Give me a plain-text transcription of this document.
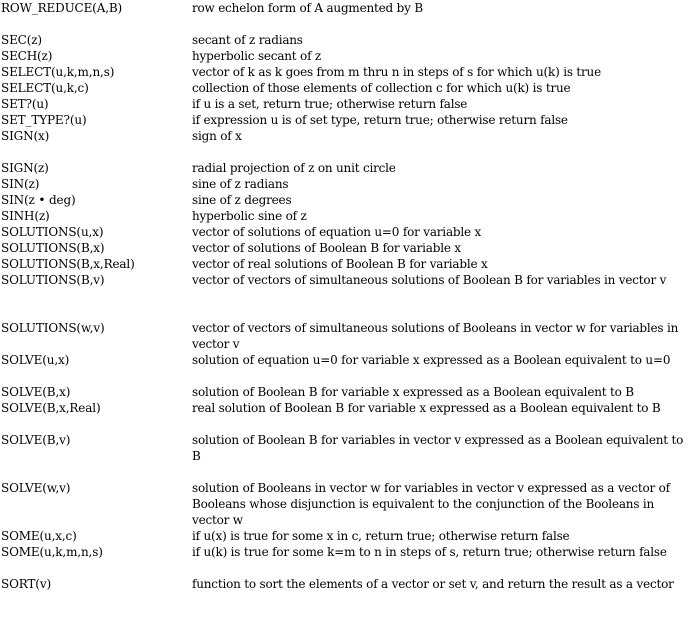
ROW_REDUCE(A,B)	row echelon form of A augmented by B
SEC(z)	secant of z radians
SECH(z)	hyperbolic secant of z
SELECT(u,k,m,n,s)	vector of k as k goes from m thru n in steps of s for which u(k) is true
SELECT(u,k,c)	collection of those elements of collection c for which u(k) is true
SET?(u)	if u is a set, return true; otherwise return false
SET_TYPE?(u)	if expression u is of set type, return true; otherwise return false
SIGN(x)	sign of x
SIGN(z)	radial projection of z on unit circle
SIN(z)	sine of z radians
SIN(z • deg)	sine of z degrees
SINH(z)	hyperbolic sine of z
SOLUTIONS(u,x)	vector of solutions of equation u=0 for variable x
SOLUTIONS(B,x)	vector of solutions of Boolean B for variable x
SOLUTIONS(B,x,Real)	vector of real solutions of Boolean B for variable x
SOLUTIONS(B,v)	vector of vectors of simultaneous solutions of Boolean B for variables in vector v
SOLUTIONS(w,v)	vector of vectors of simultaneous solutions of Booleans in vector w for variables in vector v
SOLVE(u,x)	solution of equation u=0 for variable x expressed as a Boolean equivalent to u=0
SOLVE(B,x)	solution of Boolean B for variable x expressed as a Boolean equivalent to B
SOLVE(B,x,Real)	real solution of Boolean B for variable x expressed as a Boolean equivalent to B
SOLVE(B,v)	solution of Boolean B for variables in vector v expressed as a Boolean equivalent to B
SOLVE(w,v)	solution of Booleans in vector w for variables in vector v expressed as a vector of Booleans whose disjunction is equivalent to the conjunction of the Booleans in vector w
SOME(u,x,c)	if u(x) is true for some x in c, return true; otherwise return false
SOME(u,k,m,n,s)	if u(k) is true for some k=m to n in steps of s, return true; otherwise return false
SORT(v)	function to sort the elements of a vector or set v, and return the result as a vector
